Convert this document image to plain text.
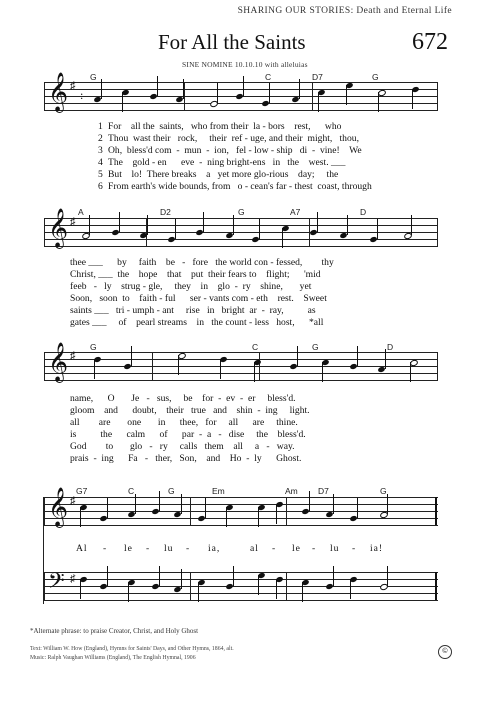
SHARING OUR STORIES: Death and Eternal Life
For All the Saints	672
SINE NOMINE 10.10.10 with alleluias
𝄞 ♯
:
G	C	D7	G
1 For    all the  saints,   who from their  la - bors    rest,      who
2 Thou  wast their   rock,     their  ref - uge, and their  might,   thou,
3 Oh,  bless'd com  -  mun  -  ion,   fel - low - ship   di  -  vine!    We
4 The    gold - en      eve  -  ning bright-ens   in   the    west. ___
5 But    lo!  There breaks    a   yet more glo-rious    day;     the
6 From earth's wide bounds, from   o - cean's far - thest  coast, through
𝄞 ♯
A	D2	G	A7	D
thee ___      by     faith    be   -   fore   the world con - fessed,        thy
Christ, ___  the    hope    that    put  their fears to    flight;      'mid
feeb   -   ly    strug - gle,     they    in    glo  -  ry    shine,       yet
Soon,   soon  to    faith - ful      ser - vants com - eth    rest.    Sweet
saints ___   tri - umph - ant     rise   in   bright  ar  -  ray,          as
gates ___     of    pearl streams    in   the count - less   host,      *all
𝄞 ♯
G	C	G	D
name,      O       Je   -   sus,     be    for  -  ev  -  er     bless'd.
gloom    and      doubt,    their   true   and    shin  -  ing     light.
all        are       one       in      thee,   for     all      are     thine.
is          the      calm      of      par  -  a   -   dise     the    bless'd.
God        to       glo   -   ry     calls   them    all     a   -   way.
prais  -  ing      Fa   -   ther,   Son,    and    Ho  -  ly      Ghost.
𝄞 ♯
G7	C	G	Em	Am D7	G
Al - le - lu - ia,	al - le - lu - ia!
𝄢 ♯
*Alternate phrase: to praise Creator, Christ, and Holy Ghost
Text: William W. How (England), Hymns for Saints' Days, and Other Hymns, 1864, alt.
Music: Ralph Vaughan Williams (England), The English Hymnal, 1906
©
